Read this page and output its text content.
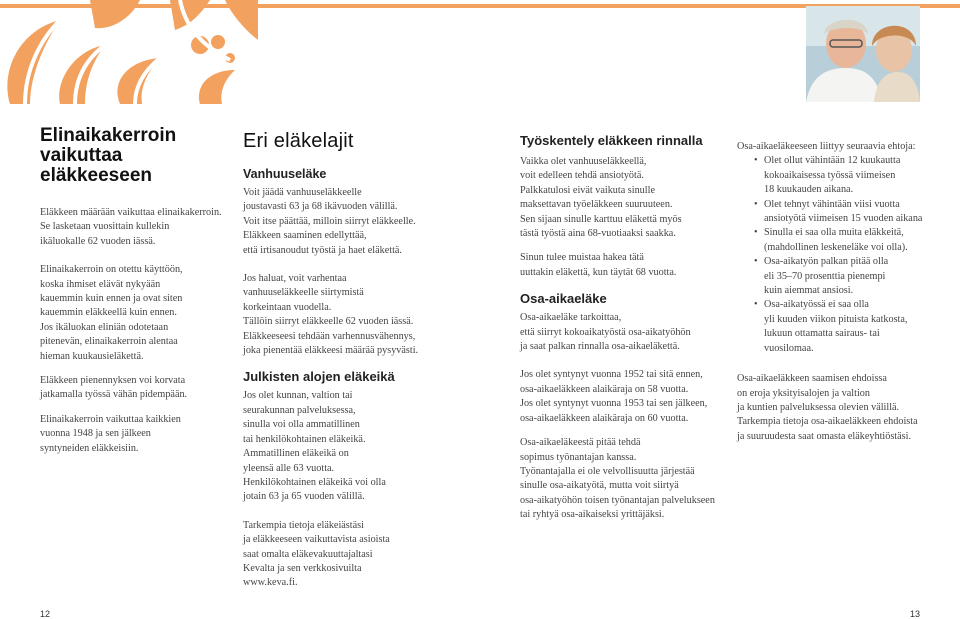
Elinaikakerroin
vaikuttaa
eläkkeeseen

Eläkkeen määrään vaikuttaa elinaikakerroin.
Se lasketaan vuosittain kullekin
ikäluokalle 62 vuoden iässä.

Elinaikakerroin on otettu käyttöön,
koska ihmiset elävät nykyään
kauemmin kuin ennen ja ovat siten
kauemmin eläkkeellä kuin ennen.
Jos ikäluokan eliniän odotetaan
pitenevän, elinaikakerroin alentaa
hieman kuukausieläkettä.

Eläkkeen pienennyksen voi korvata
jatkamalla työssä vähän pidempään.

Elinaikakerroin vaikuttaa kaikkien
vuonna 1948 ja sen jälkeen
syntyneiden eläkkeisiin.

Eri eläkelajit
Vanhuuseläke

Voit jäädä vanhuuseläkkeelle
joustavasti 63 ja 68 ikävuoden välillä.
Voit itse päättää, milloin siirryt eläkkeelle.
Eläkkeen saaminen edellyttää,
että irtisanoudut työstä ja haet eläkettä.

Jos haluat, voit varhentaa
vanhuuseläkkeelle siirtymistä
korkeintaan vuodella.
Tällöin siirryt eläkkeelle 62 vuoden iässä.
Eläkkeeseesi tehdään varhennusvähennys,
joka pienentää eläkkeesi määrää pysyvästi.

Julkisten alojen eläkeikä

Jos olet kunnan, valtion tai
seurakunnan palveluksessa,
sinulla voi olla ammatillinen
tai henkilökohtainen eläkeikä.
Ammatillinen eläkeikä on
yleensä alle 63 vuotta.
Henkilökohtainen eläkeikä voi olla
jotain 63 ja 65 vuoden välillä.

Tarkempia tietoja eläkeiästäsi
ja eläkkeeseen vaikuttavista asioista
saat omalta eläkevakuuttajaltasi
Kevalta ja sen verkkosivuilta
www.keva.fi.

Työskentely eläkkeen rinnalla

Vaikka olet vanhuuseläkkeellä,
voit edelleen tehdä ansiotyötä.
Palkkatulosi eivät vaikuta sinulle
maksettavan työeläkkeen suuruuteen.
Sen sijaan sinulle karttuu eläkettä myös
tästä työstä aina 68-vuotiaaksi saakka.

Sinun tulee muistaa hakea tätä
uuttakin eläkettä, kun täytät 68 vuotta.

Osa-aikaeläke

Osa-aikaeläke tarkoittaa,
että siirryt kokoaikatyöstä osa-aikatyöhön
ja saat palkan rinnalla osa-aikaeläkettä.

Jos olet syntynyt vuonna 1952 tai sitä ennen,
osa-aikaeläkkeen alaikäraja on 58 vuotta.
Jos olet syntynyt vuonna 1953 tai sen jälkeen,
osa-aikaeläkkeen alaikäraja on 60 vuotta.

Osa-aikaeläkeestä pitää tehdä
sopimus työnantajan kanssa.
Työnantajalla ei ole velvollisuutta järjestää
sinulle osa-aikatyötä, mutta voit siirtyä
osa-aikatyöhön toisen työnantajan palvelukseen
tai ryhtyä osa-aikaiseksi yrittäjäksi.

Osa-aikaeläkeeseen liittyy seuraavia ehtoja:

• Olet ollut vähintään 12 kuukautta
kokoaikaisessa työssä viimeisen
18 kuukauden aikana.
• Olet tehnyt vähintään viisi vuotta
ansiotyötä viimeisen 15 vuoden aikana
• Sinulla ei saa olla muita eläkkeitä,
(mahdollinen leskeneläke voi olla).
• Osa-aikatyön palkan pitää olla
eli 35–70 prosenttia pienempi
kuin aiemmat ansiosi.
• Osa-aikatyössä ei saa olla
yli kuuden viikon pituista katkosta,
lukuun ottamatta sairaus- tai
vuosilomaa.

Osa-aikaeläkkeen saamisen ehdoissa
on eroja yksityisalojen ja valtion
ja kuntien palveluksessa olevien välillä.
Tarkempia tietoja osa-aikaeläkkeen ehdoista
ja suuruudesta saat omasta eläkeyhtiöstäsi.

12	13
